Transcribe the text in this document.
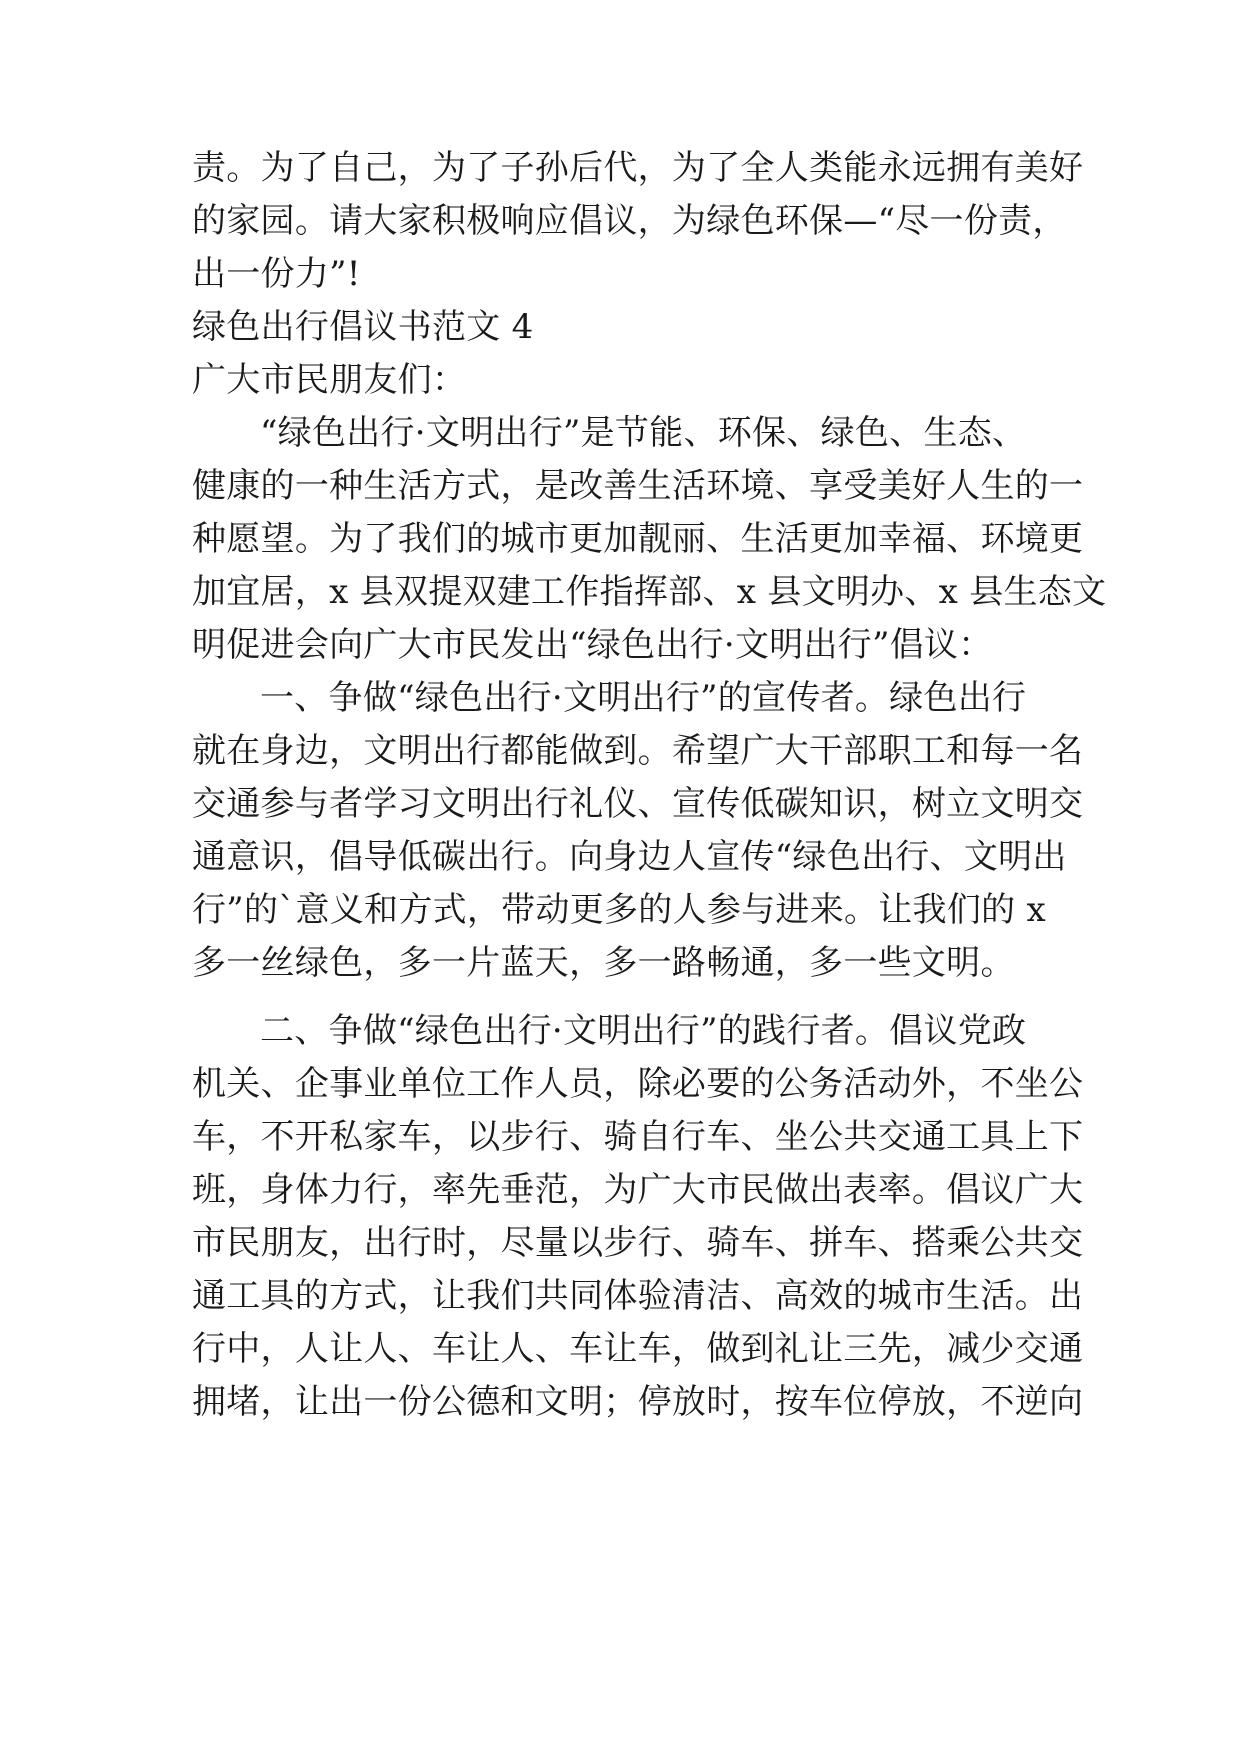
责。为了自己，为了子孙后代，为了全人类能永远拥有美好

的家园。请大家积极响应倡议，为绿色环保—“尽一份责，

出一份力”!

绿色出行倡议书范文 4

广大市民朋友们：

“绿色出行·文明出行”是节能、环保、绿色、生态、

健康的一种生活方式，是改善生活环境、享受美好人生的一

种愿望。为了我们的城市更加靓丽、生活更加幸福、环境更

加宜居，x 县双提双建工作指挥部、x 县文明办、x 县生态文

明促进会向广大市民发出“绿色出行·文明出行”倡议：

一、争做“绿色出行·文明出行”的宣传者。绿色出行

就在身边，文明出行都能做到。希望广大干部职工和每一名

交通参与者学习文明出行礼仪、宣传低碳知识，树立文明交

通意识，倡导低碳出行。向身边人宣传“绿色出行、文明出

行”的`意义和方式，带动更多的人参与进来。让我们的 x

多一丝绿色，多一片蓝天，多一路畅通，多一些文明。

二、争做“绿色出行·文明出行”的践行者。倡议党政

机关、企事业单位工作人员，除必要的公务活动外，不坐公

车，不开私家车，以步行、骑自行车、坐公共交通工具上下

班，身体力行，率先垂范，为广大市民做出表率。倡议广大

市民朋友，出行时，尽量以步行、骑车、拼车、搭乘公共交

通工具的方式，让我们共同体验清洁、高效的城市生活。出

行中，人让人、车让人、车让车，做到礼让三先，减少交通

拥堵，让出一份公德和文明；停放时，按车位停放，不逆向
